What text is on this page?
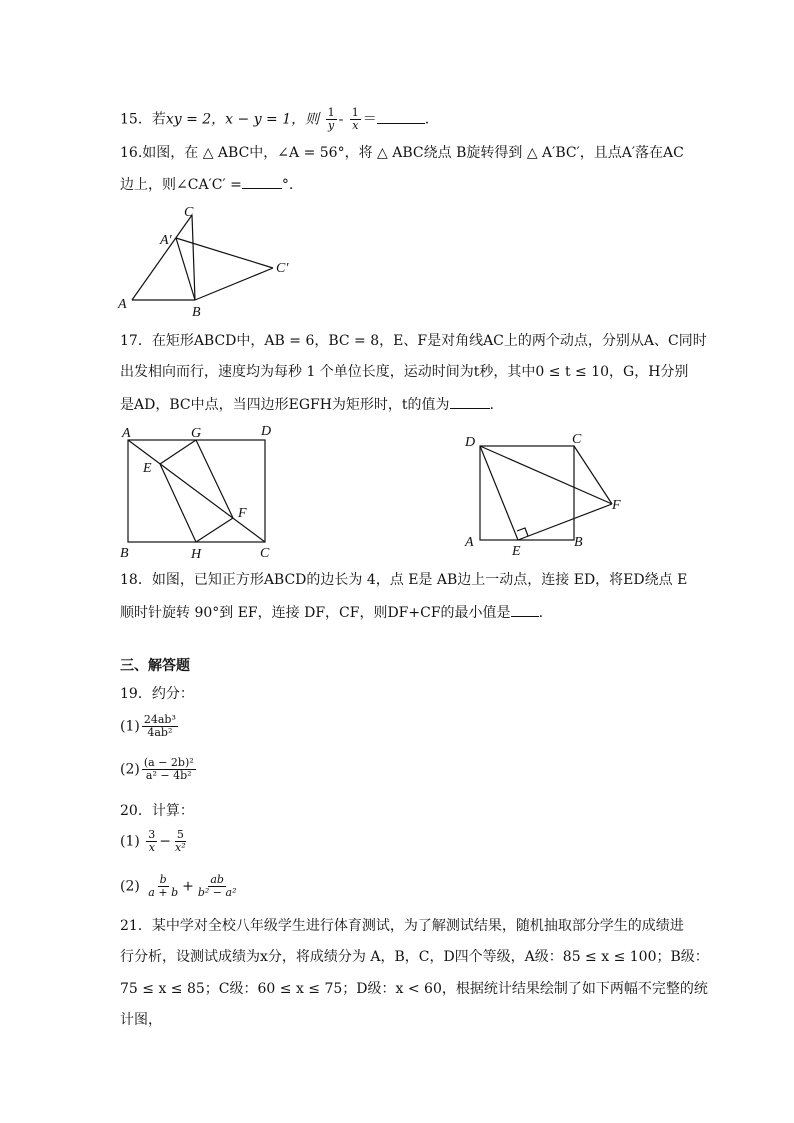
15．若xy = 2，x − y = 1，则 $\frac{1}{y} - \frac{1}{x}$ ＝	.
16.如图，在 △ ABC中，∠A = 56°，将 △ ABC绕点 B旋转得到 △ A′BC′，且点A′落在AC
边上，则∠CA′C′ =	°.
C
A′
C′
A
B
17．在矩形ABCD中，AB = 6，BC = 8，E、F是对角线AC上的两个动点，分别从A、C同时
出发相向而行，速度均为每秒 1 个单位长度，运动时间为t秒，其中0 ≤ t ≤ 10，G，H分别
是AD，BC中点，当四边形EGFH为矩形时，t的值为	.
A	G	D
E
F
B	H	C
D	C
F
A
E
B
18．如图，已知正方形ABCD的边长为 4，点 E是 AB边上一动点，连接 ED，将ED绕点 E
顺时针旋转 90°到 EF，连接 DF，CF，则DF+CF的最小值是 .
三、解答题
19．约分：
$(1) \frac{\text{24ab³}}{\text{4ab²}}$
$(2) \frac{\text{(a − 2b)²}}{\text{a² − 4b²}}$
20．计算：
$(1) \frac{3}{x} - \frac{5}{\text{x²}}$
$(2) \frac{b}{a + b} + \frac{ab}{\text{b² − a²}}$
21．某中学对全校八年级学生进行体育测试，为了解测试结果，随机抽取部分学生的成绩进
行分析，设测试成绩为x分，将成绩分为 A，B，C，D四个等级，A级：85 ≤ x ≤ 100；B级：
75 ≤ x ≤ 85；C级：60 ≤ x ≤ 75；D级：x < 60，根据统计结果绘制了如下两幅不完整的统
计图，
